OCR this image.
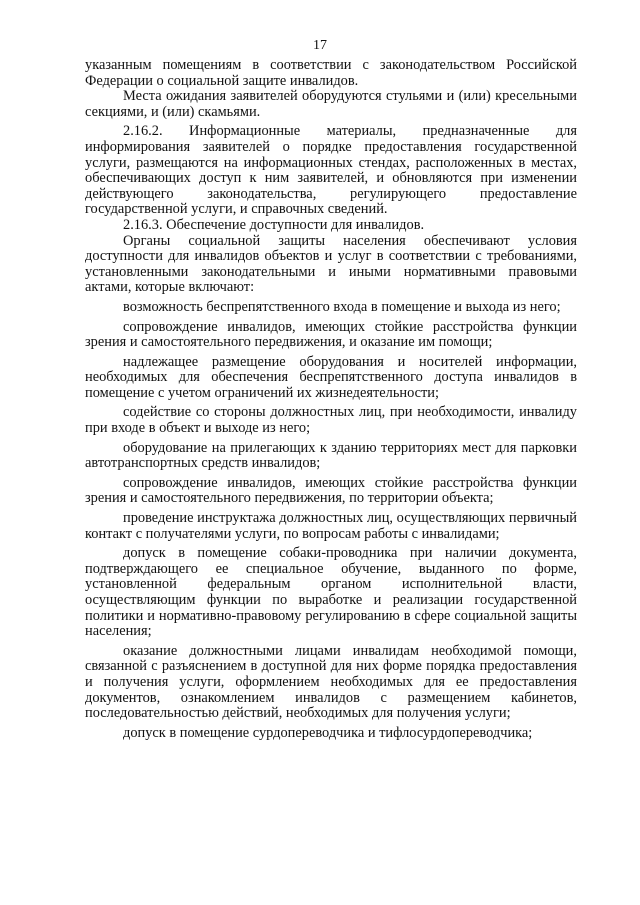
17

указанным помещениям в соответствии с законодательством Российской Федерации о социальной защите инвалидов.

Места ожидания заявителей оборудуются стульями и (или) кресельными секциями, и (или) скамьями.

2.16.2. Информационные материалы, предназначенные для информирования заявителей о порядке предоставления государственной услуги, размещаются на информационных стендах, расположенных в местах, обеспечивающих доступ к ним заявителей, и обновляются при изменении действующего законодательства, регулирующего предоставление государственной услуги, и справочных сведений.

2.16.3. Обеспечение доступности для инвалидов.

Органы социальной защиты населения обеспечивают условия доступности для инвалидов объектов и услуг в соответствии с требованиями, установленными законодательными и иными нормативными правовыми актами, которые включают:

возможность беспрепятственного входа в помещение и выхода из него;

сопровождение инвалидов, имеющих стойкие расстройства функции зрения и самостоятельного передвижения, и оказание им помощи;

надлежащее размещение оборудования и носителей информации, необходимых для обеспечения беспрепятственного доступа инвалидов в помещение с учетом ограничений их жизнедеятельности;

содействие со стороны должностных лиц, при необходимости, инвалиду при входе в объект и выходе из него;

оборудование на прилегающих к зданию территориях мест для парковки автотранспортных средств инвалидов;

сопровождение инвалидов, имеющих стойкие расстройства функции зрения и самостоятельного передвижения, по территории объекта;

проведение инструктажа должностных лиц, осуществляющих первичный контакт с получателями услуги, по вопросам работы с инвалидами;

допуск в помещение собаки-проводника при наличии документа, подтверждающего ее специальное обучение, выданного по форме, установленной федеральным органом исполнительной власти, осуществляющим функции по выработке и реализации государственной политики и нормативно-правовому регулированию в сфере социальной защиты населения;

оказание должностными лицами инвалидам необходимой помощи, связанной с разъяснением в доступной для них форме порядка предоставления и получения услуги, оформлением необходимых для ее предоставления документов, ознакомлением инвалидов с размещением кабинетов, последовательностью действий, необходимых для получения услуги;

допуск в помещение сурдопереводчика и тифлосурдопереводчика;
